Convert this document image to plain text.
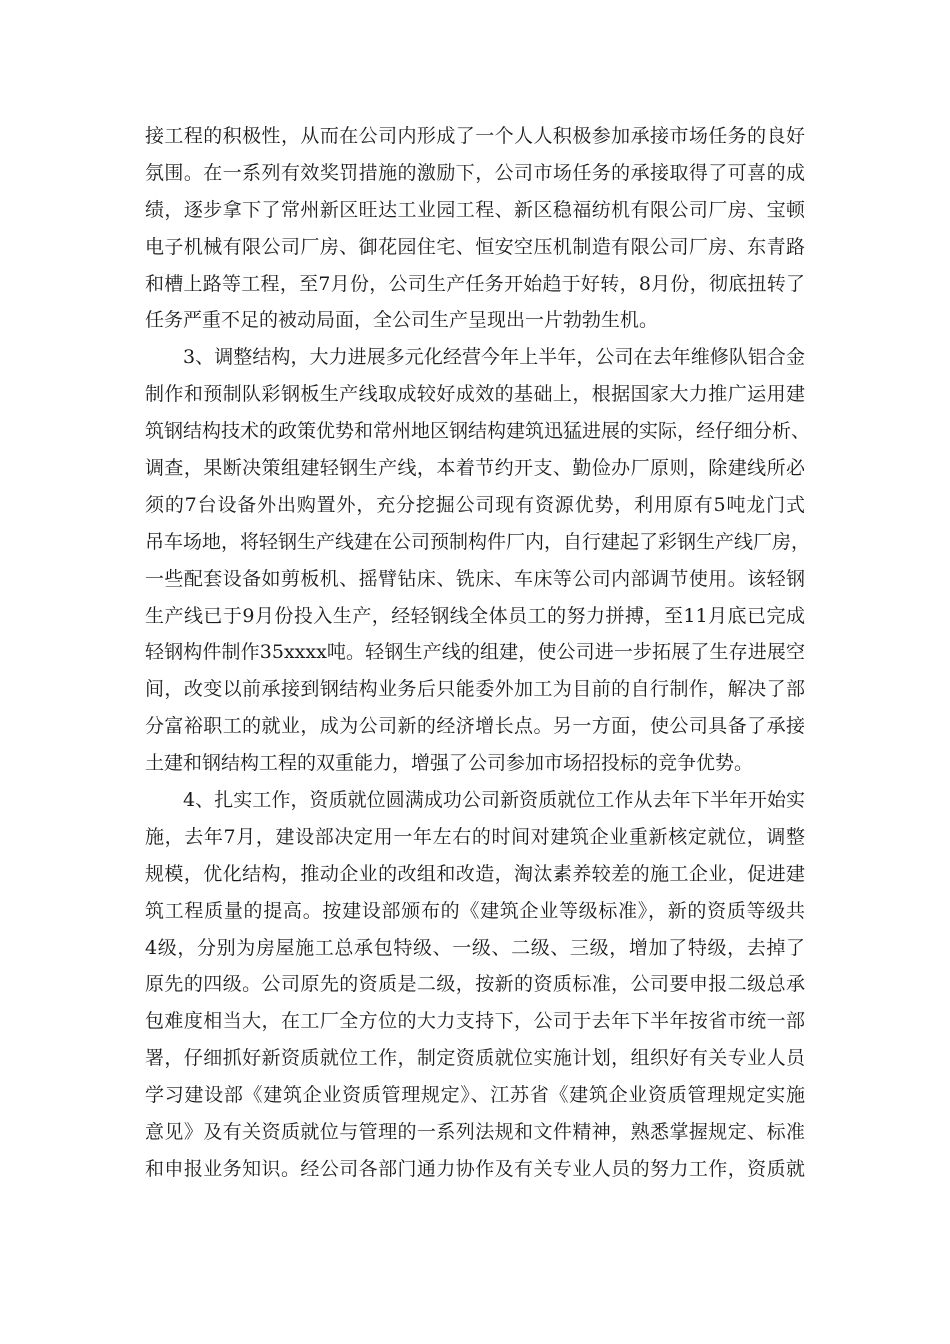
接工程的积极性，从而在公司内形成了一个人人积极参加承接市场任务的良好
氛围。在一系列有效奖罚措施的激励下，公司市场任务的承接取得了可喜的成
绩，逐步拿下了常州新区旺达工业园工程、新区稳福纺机有限公司厂房、宝顿
电子机械有限公司厂房、御花园住宅、恒安空压机制造有限公司厂房、东青路
和槽上路等工程，至7月份，公司生产任务开始趋于好转，8月份，彻底扭转了
任务严重不足的被动局面，全公司生产呈现出一片勃勃生机。
3、调整结构，大力进展多元化经营今年上半年，公司在去年维修队铝合金
制作和预制队彩钢板生产线取成较好成效的基础上，根据国家大力推广运用建
筑钢结构技术的政策优势和常州地区钢结构建筑迅猛进展的实际，经仔细分析、
调查，果断决策组建轻钢生产线，本着节约开支、勤俭办厂原则，除建线所必
须的7台设备外出购置外，充分挖掘公司现有资源优势，利用原有5吨龙门式
吊车场地，将轻钢生产线建在公司预制构件厂内，自行建起了彩钢生产线厂房，
一些配套设备如剪板机、摇臂钻床、铣床、车床等公司内部调节使用。该轻钢
生产线已于9月份投入生产，经轻钢线全体员工的努力拼搏，至11月底已完成
轻钢构件制作35xxxx吨。轻钢生产线的组建，使公司进一步拓展了生存进展空
间，改变以前承接到钢结构业务后只能委外加工为目前的自行制作，解决了部
分富裕职工的就业，成为公司新的经济增长点。另一方面，使公司具备了承接
土建和钢结构工程的双重能力，增强了公司参加市场招投标的竞争优势。
4、扎实工作，资质就位圆满成功公司新资质就位工作从去年下半年开始实
施，去年7月，建设部决定用一年左右的时间对建筑企业重新核定就位，调整
规模，优化结构，推动企业的改组和改造，淘汰素养较差的施工企业，促进建
筑工程质量的提高。按建设部颁布的《建筑企业等级标准》，新的资质等级共
4级，分别为房屋施工总承包特级、一级、二级、三级，增加了特级，去掉了
原先的四级。公司原先的资质是二级，按新的资质标准，公司要申报二级总承
包难度相当大，在工厂全方位的大力支持下，公司于去年下半年按省市统一部
署，仔细抓好新资质就位工作，制定资质就位实施计划，组织好有关专业人员
学习建设部《建筑企业资质管理规定》、江苏省《建筑企业资质管理规定实施
意见》及有关资质就位与管理的一系列法规和文件精神，熟悉掌握规定、标准
和申报业务知识。经公司各部门通力协作及有关专业人员的努力工作，资质就
